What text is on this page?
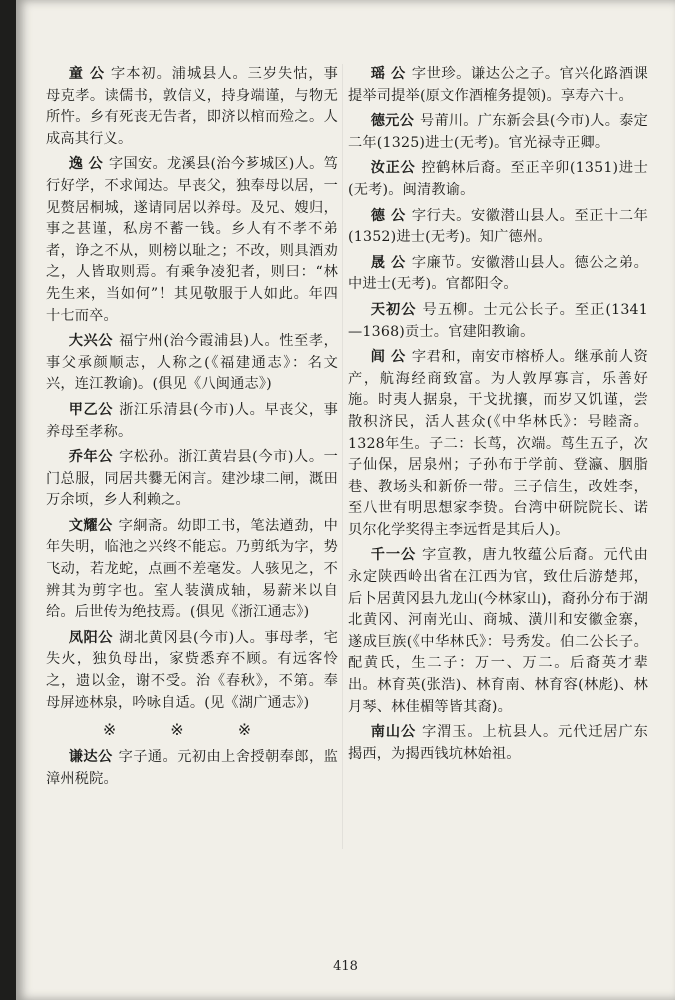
童 公 字本初。浦城县人。三岁失怙，事母克孝。读儒书，敦信义，持身端谨，与物无所忤。乡有死丧无告者，即济以棺而殓之。人成高其行义。

逸 公 字国安。龙溪县(治今芗城区)人。笃行好学，不求闻达。早丧父，独奉母以居，一见赘居桐城，遂请同居以养母。及兄、嫂归，事之甚谨，私房不蓄一钱。乡人有不孝不弟者，诤之不从，则榜以耻之；不改，则具酒劝之，人皆取则焉。有乘争凌犯者，则曰：“林先生来，当如何”！其见敬服于人如此。年四十七而卒。

大兴公 福宁州(治今霞浦县)人。性至孝，事父承颜顺志，人称之(《福建通志》：名文兴，连江教谕)。(俱见《八闽通志》)

甲乙公 浙江乐清县(今市)人。早丧父，事养母至孝称。

乔年公 字松孙。浙江黄岩县(今市)人。一门总服，同居共爨无闲言。建沙埭二闸，溉田万余顷，乡人利赖之。

文耀公 字絅斋。幼即工书，笔法遒劲，中年失明，临池之兴终不能忘。乃剪纸为字，势飞动，若龙蛇，点画不差毫发。人骇见之，不辨其为剪字也。室人装潢成轴，易薪米以自给。后世传为绝技焉。(俱见《浙江通志》)

凤阳公 湖北黄冈县(今市)人。事母孝，宅失火，独负母出，家赀悉弃不顾。有远客怜之，遗以金，谢不受。治《春秋》，不第。奉母屏迹林泉，吟咏自适。(见《湖广通志》)

※※※

谦达公 字子通。元初由上舍授朝奉郎，监漳州税院。

瑶 公 字世珍。谦达公之子。官兴化路酒课提举司提举(原文作酒榷务提领)。享寿六十。

德元公 号莆川。广东新会县(今市)人。泰定二年(1325)进士(无考)。官光禄寺正卿。

汝正公 控鹤林后裔。至正辛卯(1351)进士(无考)。闽清教谕。

德 公 字行夫。安徽潜山县人。至正十二年(1352)进士(无考)。知广德州。

晟 公 字廉节。安徽潜山县人。德公之弟。中进士(无考)。官都阳令。

天初公 号五柳。士元公长子。至正(1341—1368)贡士。官建阳教谕。

闾 公 字君和，南安市榕桥人。继承前人资产，航海经商致富。为人敦厚寡言，乐善好施。时夷人据泉，干戈扰攘，而岁又饥谨，尝散积济民，活人甚众(《中华林氏》：号睦斋。1328年生。子二：长茑，次端。茑生五子，次子仙保，居泉州；子孙布于学前、登瀛、胭脂巷、教场头和新侨一带。三子信生，改姓李，至八世有明思想家李贽。台湾中研院院长、诺贝尔化学奖得主李远哲是其后人)。

千一公 字宣教，唐九牧蕴公后裔。元代由永定陕西岭出省在江西为官，致仕后游楚邦，后卜居黄冈县九龙山(今林家山)，裔孙分布于湖北黄冈、河南光山、商城、潢川和安徽金寨，遂成巨族(《中华林氏》：号秀发。伯二公长子。配黄氏，生二子：万一、万二。后裔英才辈出。林育英(张浩)、林育南、林育容(林彪)、林月琴、林佳楣等皆其裔)。

南山公 字渭玉。上杭县人。元代迁居广东揭西，为揭西钱坑林始祖。

418
